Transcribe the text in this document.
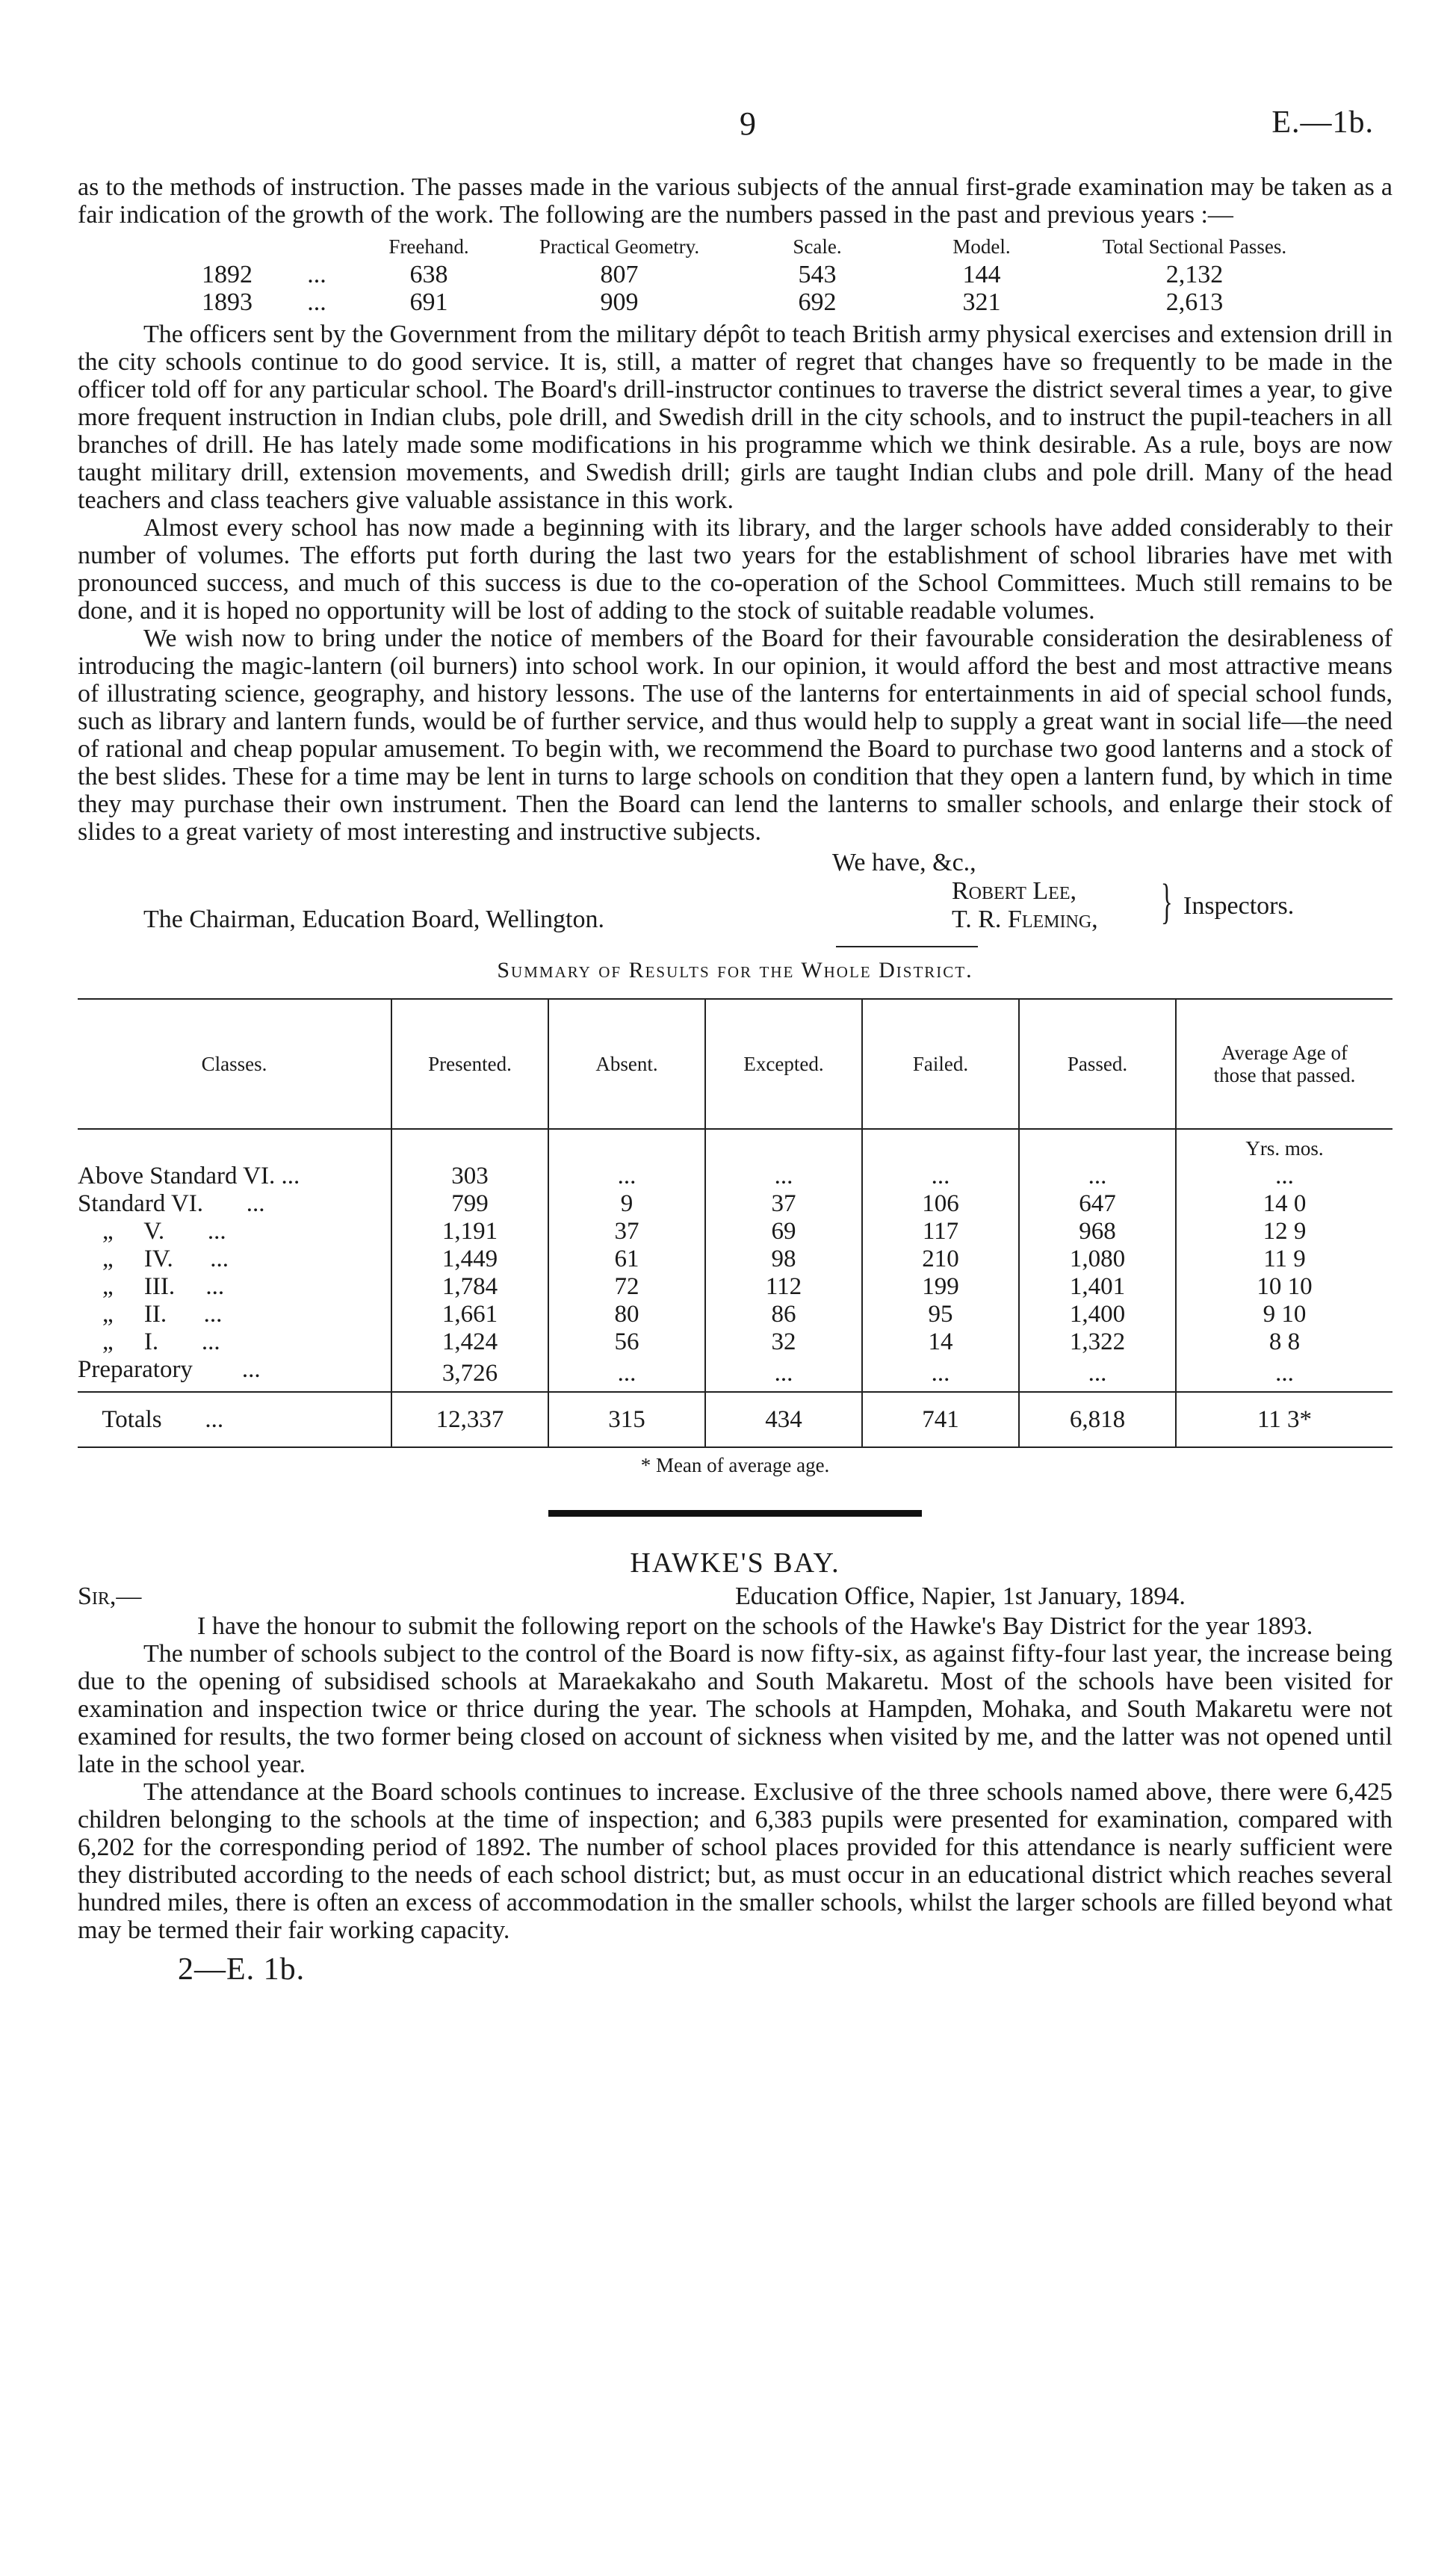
9	E.—1b.

as to the methods of instruction. The passes made in the various subjects of the annual first-grade examination may be taken as a fair indication of the growth of the work. The following are the numbers passed in the past and previous years :—

		Freehand.	Practical Geometry.	Scale.	Model.	Total Sectional Passes.
1892	...	638	807	543	144	2,132
1893	...	691	909	692	321	2,613

The officers sent by the Government from the military dépôt to teach British army physical exercises and extension drill in the city schools continue to do good service. It is, still, a matter of regret that changes have so frequently to be made in the officer told off for any particular school. The Board's drill-instructor continues to traverse the district several times a year, to give more frequent instruction in Indian clubs, pole drill, and Swedish drill in the city schools, and to instruct the pupil-teachers in all branches of drill. He has lately made some modifications in his programme which we think desirable. As a rule, boys are now taught military drill, extension movements, and Swedish drill; girls are taught Indian clubs and pole drill. Many of the head teachers and class teachers give valuable assistance in this work.

Almost every school has now made a beginning with its library, and the larger schools have added considerably to their number of volumes. The efforts put forth during the last two years for the establishment of school libraries have met with pronounced success, and much of this success is due to the co-operation of the School Committees. Much still remains to be done, and it is hoped no opportunity will be lost of adding to the stock of suitable readable volumes.

We wish now to bring under the notice of members of the Board for their favourable consideration the desirableness of introducing the magic-lantern (oil burners) into school work. In our opinion, it would afford the best and most attractive means of illustrating science, geography, and history lessons. The use of the lanterns for entertainments in aid of special school funds, such as library and lantern funds, would be of further service, and thus would help to supply a great want in social life—the need of rational and cheap popular amusement. To begin with, we recommend the Board to purchase two good lanterns and a stock of the best slides. These for a time may be lent in turns to large schools on condition that they open a lantern fund, by which in time they may purchase their own instrument. Then the Board can lend the lanterns to smaller schools, and enlarge their stock of slides to a great variety of most interesting and instructive subjects.

We have, &c.,
Robert Lee,
T. R. Fleming, } Inspectors.
The Chairman, Education Board, Wellington.
Summary of Results for the Whole District.
Classes.	Presented.	Absent.	Excepted.	Failed.	Passed.	Average Age of those that passed.
						Yrs. mos.
Above Standard VI. ...	303	...	...	...	...	...
Standard VI.       ...	799	9	37	106	647	14 0
„     V.       ...	1,191	37	69	117	968	12 9
„     IV.      ...	1,449	61	98	210	1,080	11 9
„     III.     ...	1,784	72	112	199	1,401	10 10
„     II.      ...	1,661	80	86	95	1,400	9 10
„     I.       ...	1,424	56	32	14	1,322	8 8
Preparatory        ...	3,726	...	...	...	...	...
Totals       ...	12,337	315	434	741	6,818	11 3*
* Mean of average age.
HAWKE'S BAY.
Sir,—	Education Office, Napier, 1st January, 1894.

I have the honour to submit the following report on the schools of the Hawke's Bay District for the year 1893.

The number of schools subject to the control of the Board is now fifty-six, as against fifty-four last year, the increase being due to the opening of subsidised schools at Maraekakaho and South Makaretu. Most of the schools have been visited for examination and inspection twice or thrice during the year. The schools at Hampden, Mohaka, and South Makaretu were not examined for results, the two former being closed on account of sickness when visited by me, and the latter was not opened until late in the school year.

The attendance at the Board schools continues to increase. Exclusive of the three schools named above, there were 6,425 children belonging to the schools at the time of inspection; and 6,383 pupils were presented for examination, compared with 6,202 for the corresponding period of 1892. The number of school places provided for this attendance is nearly sufficient were they distributed according to the needs of each school district; but, as must occur in an educational district which reaches several hundred miles, there is often an excess of accommodation in the smaller schools, whilst the larger schools are filled beyond what may be termed their fair working capacity.

2—E. 1b.
